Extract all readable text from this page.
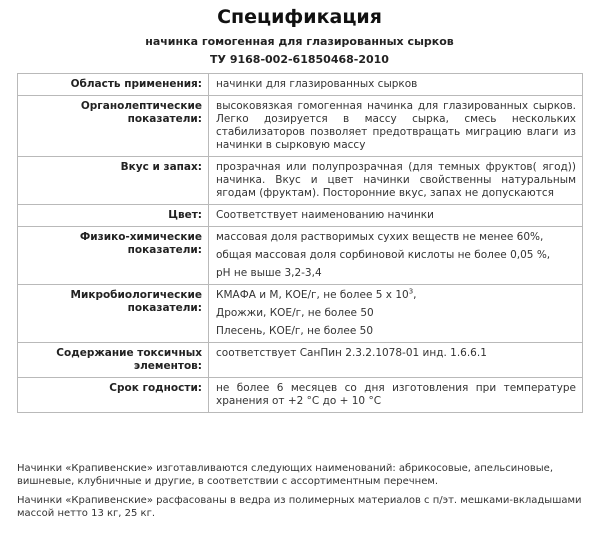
Спецификация
начинка гомогенная для глазированных сырков
ТУ 9168-002-61850468-2010
Область применения:	начинки для глазированных сырков
Органолептические показатели:	высоковязкая гомогенная начинка для глазированных сырков. Легко дозируется в массу сырка, смесь нескольких стабилизаторов позволяет предотвращать миграцию влаги из начинки в сырковую массу
Вкус и запах:	прозрачная или полупрозрачная (для темных фруктов( ягод)) начинка. Вкус и цвет начинки свойственны натуральным ягодам (фруктам). Посторонние вкус, запах не допускаются
Цвет:	Соответствует наименованию начинки
Физико-химические показатели:	массовая доля растворимых сухих веществ не менее 60%,
общая массовая доля сорбиновой кислоты не более 0,05 %,
рН не выше 3,2-3,4

Микробиологические показатели:	КМАФА и М, КОЕ/г, не более 5 x $10^3$,
Дрожжи, КОЕ/г, не более 50
Плесень, КОЕ/г, не более 50

Содержание токсичных элементов:	соответствует СанПин 2.3.2.1078-01 инд. 1.6.6.1
Срок годности:	не более 6 месяцев со дня изготовления при температуре хранения от +2 °С до + 10 °С

Начинки «Крапивенские» изготавливаются следующих наименований: абрикосовые, апельсиновые, вишневые, клубничные и другие, в соответствии с ассортиментным перечнем.

Начинки «Крапивенские» расфасованы в ведра из полимерных материалов с п/эт. мешками-вкладышами массой нетто 13 кг, 25 кг.
